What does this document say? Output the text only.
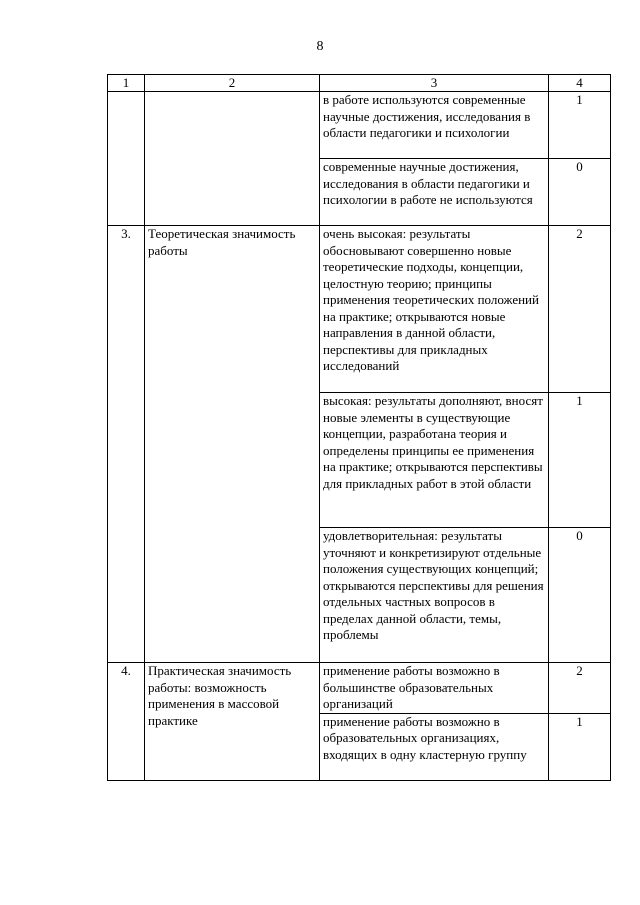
8
1	2	3	4
		в работе используются современные научные достижения, исследования в области педагогики и психологии	1
		современные научные достижения, исследования в области педагогики и психологии в работе не используются	0
3.	Теоретическая значимость работы	очень высокая: результаты обосновывают совершенно новые теоретические подходы, концепции, целостную теорию; принципы применения теоретических положений на практике; открываются новые направления в данной области, перспективы для прикладных исследований	2
		высокая: результаты дополняют, вносят новые элементы в существующие концепции, разработана теория и определены принципы ее применения на практике; открываются перспективы для прикладных работ в этой области	1
		удовлетворительная: результаты уточняют и конкретизируют отдельные положения существующих концепций; открываются перспективы для решения отдельных частных вопросов в пределах данной области, темы, проблемы	0
4.	Практическая значимость работы: возможность применения в массовой практике	применение работы возможно в большинстве образовательных организаций	2
		применение работы возможно в образовательных организациях, входящих в одну кластерную группу	1
